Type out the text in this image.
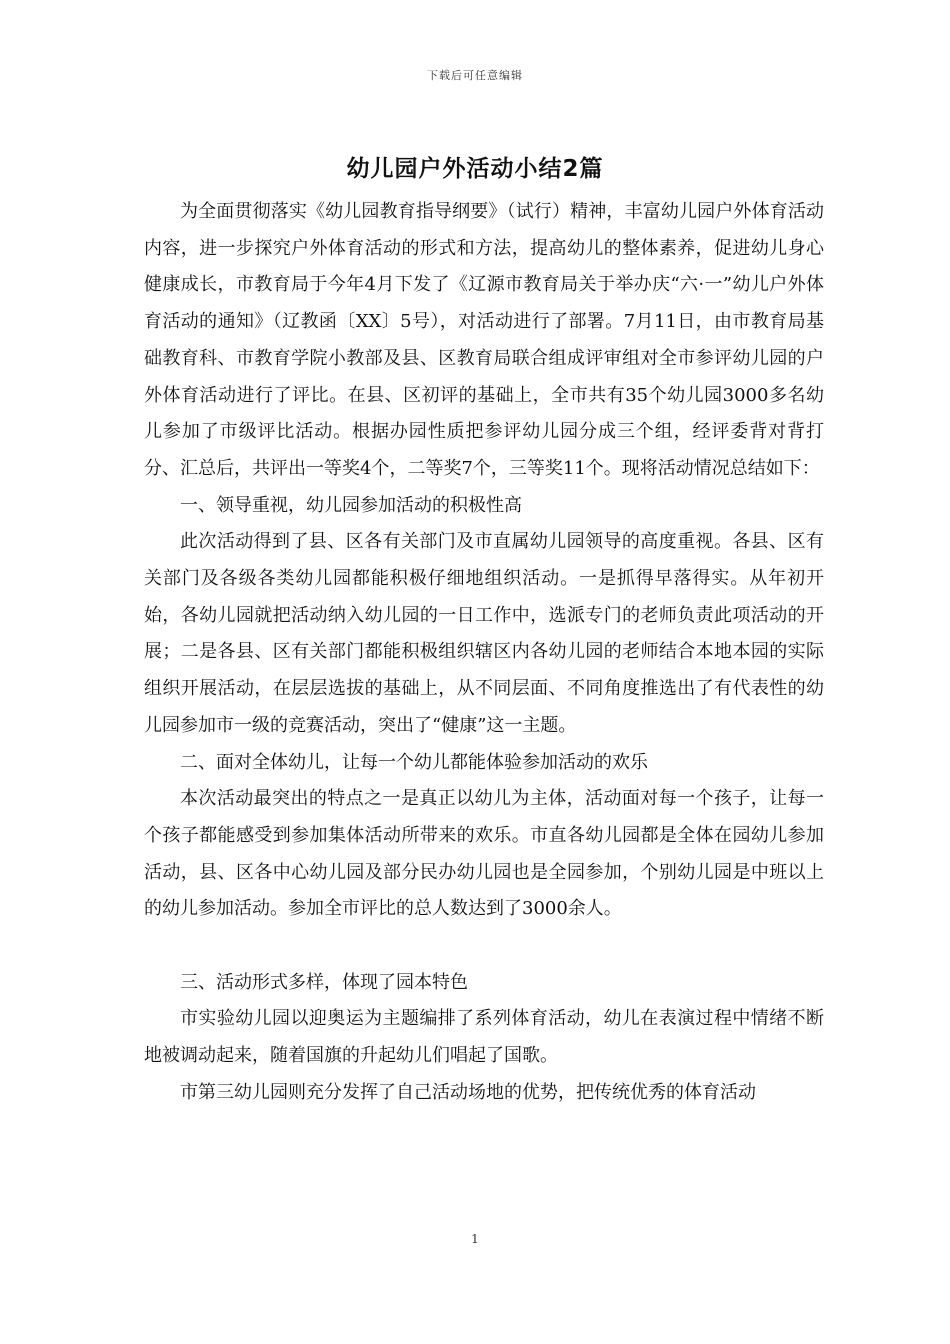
下载后可任意编辑
幼儿园户外活动小结2篇

为全面贯彻落实《幼儿园教育指导纲要》（试行）精神，丰富幼儿园户外体育活动内容，进一步探究户外体育活动的形式和方法，提高幼儿的整体素养，促进幼儿身心健康成长，市教育局于今年4月下发了《辽源市教育局关于举办庆“六·一”幼儿户外体育活动的通知》（辽教函〔XX〕5号），对活动进行了部署。7月11日，由市教育局基础教育科、市教育学院小教部及县、区教育局联合组成评审组对全市参评幼儿园的户外体育活动进行了评比。在县、区初评的基础上，全市共有35个幼儿园3000多名幼儿参加了市级评比活动。根据办园性质把参评幼儿园分成三个组，经评委背对背打分、汇总后，共评出一等奖4个，二等奖7个，三等奖11个。现将活动情况总结如下：

一、领导重视，幼儿园参加活动的积极性高

此次活动得到了县、区各有关部门及市直属幼儿园领导的高度重视。各县、区有关部门及各级各类幼儿园都能积极仔细地组织活动。一是抓得早落得实。从年初开始，各幼儿园就把活动纳入幼儿园的一日工作中，选派专门的老师负责此项活动的开展；二是各县、区有关部门都能积极组织辖区内各幼儿园的老师结合本地本园的实际组织开展活动，在层层选拔的基础上，从不同层面、不同角度推选出了有代表性的幼儿园参加市一级的竞赛活动，突出了“健康”这一主题。

二、面对全体幼儿，让每一个幼儿都能体验参加活动的欢乐

本次活动最突出的特点之一是真正以幼儿为主体，活动面对每一个孩子，让每一个孩子都能感受到参加集体活动所带来的欢乐。市直各幼儿园都是全体在园幼儿参加活动，县、区各中心幼儿园及部分民办幼儿园也是全园参加，个别幼儿园是中班以上的幼儿参加活动。参加全市评比的总人数达到了3000余人。

三、活动形式多样，体现了园本特色

市实验幼儿园以迎奥运为主题编排了系列体育活动，幼儿在表演过程中情绪不断地被调动起来，随着国旗的升起幼儿们唱起了国歌。

市第三幼儿园则充分发挥了自己活动场地的优势，把传统优秀的体育活动

1
